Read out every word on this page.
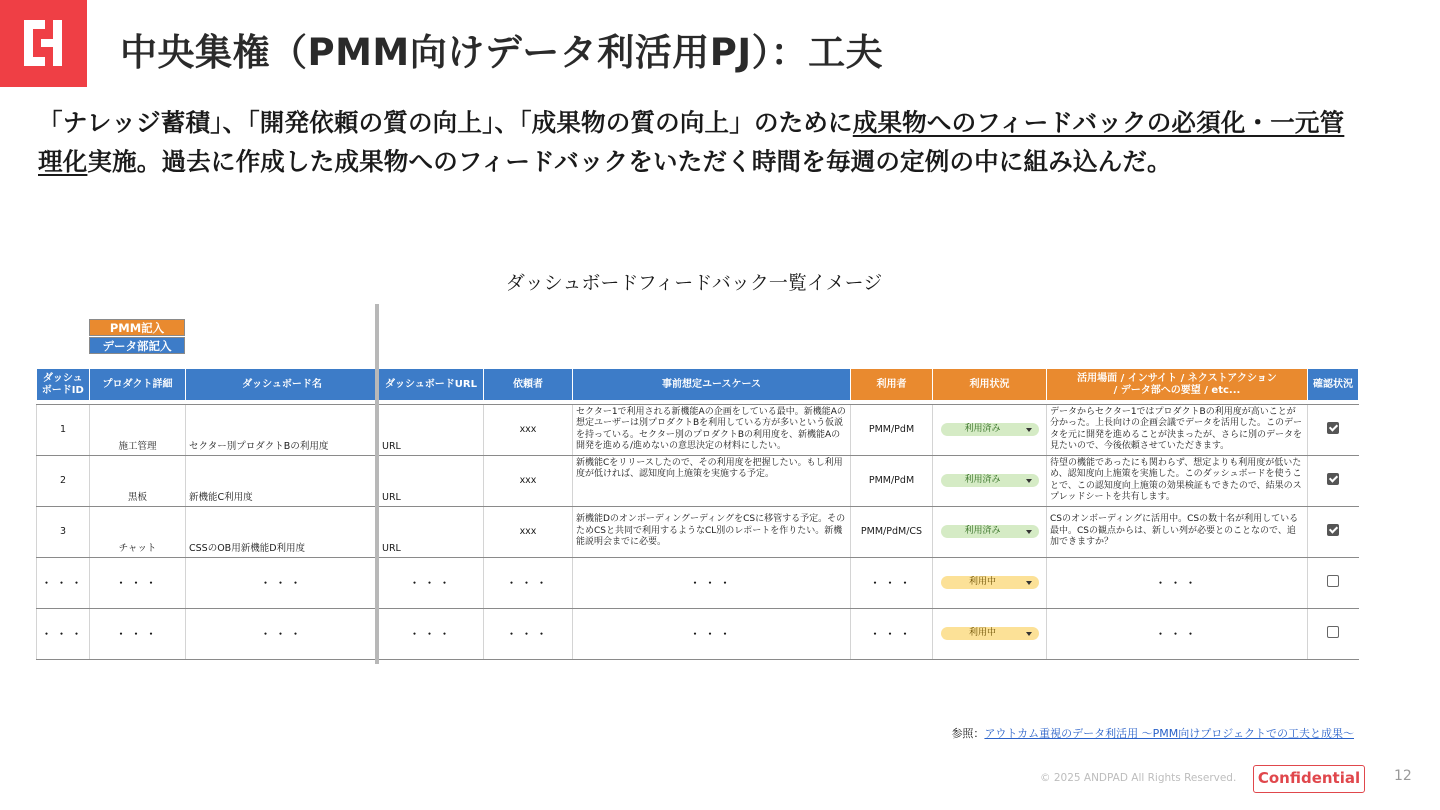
中央集権（PMM向けデータ利活用PJ）：工夫

「ナレッジ蓄積」、「開発依頼の質の向上」、「成果物の質の向上」のために成果物へのフィードバックの必須化・一元管理化実施。過去に作成した成果物へのフィードバックをいただく時間を毎週の定例の中に組み込んだ。

ダッシュボードフィードバック一覧イメージ
PMM記入
データ部記入
ダッシュボードID	プロダクト詳細	ダッシュボード名	ダッシュボードURL	依頼者	事前想定ユースケース	利用者	利用状況	活用場面 / インサイト / ネクストアクション
/ データ部への要望 / etc...	確認状況

1	施工管理	セクター別プロダクトBの利用度	URL	xxx	セクター1で利用される新機能Aの企画をしている最中。新機能Aの想定ユーザーは別プロダクトBを利用している方が多いという仮説を持っている。セクター別のプロダクトBの利用度を、新機能Aの開発を進める/進めないの意思決定の材料にしたい。	PMM/PdM	利用済み	データからセクター1ではプロダクトBの利用度が高いことが分かった。上長向けの企画会議でデータを活用した。このデータを元に開発を進めることが決まったが、さらに別のデータを見たいので、今後依頼させていただきます。	
2	黒板	新機能C利用度	URL	xxx	新機能Cをリリースしたので、その利用度を把握したい。もし利用度が低ければ、認知度向上施策を実施する予定。	PMM/PdM	利用済み	待望の機能であったにも関わらず、想定よりも利用度が低いため、認知度向上施策を実施した。このダッシュボードを使うことで、この認知度向上施策の効果検証もできたので、結果のスプレッドシートを共有します。	
3	チャット	CSSのOB用新機能D利用度	URL	xxx	新機能DのオンボーディングーディングをCSに移管する予定。そのためCSと共同で利用するようなCL別のレポートを作りたい。新機能説明会までに必要。	PMM/PdM/CS	利用済み	CSのオンボーディングに活用中。CSの数十名が利用している最中。CSの観点からは、新しい列が必要とのことなので、追加できますか？	
・・・	・・・	・・・	・・・	・・・	・・・	・・・	利用中	・・・	
・・・	・・・	・・・	・・・	・・・	・・・	・・・	利用中	・・・	
参照：アウトカム重視のデータ利活用 〜PMM向けプロジェクトでの工夫と成果〜
© 2025 ANDPAD All Rights Reserved.	Confidential	12
